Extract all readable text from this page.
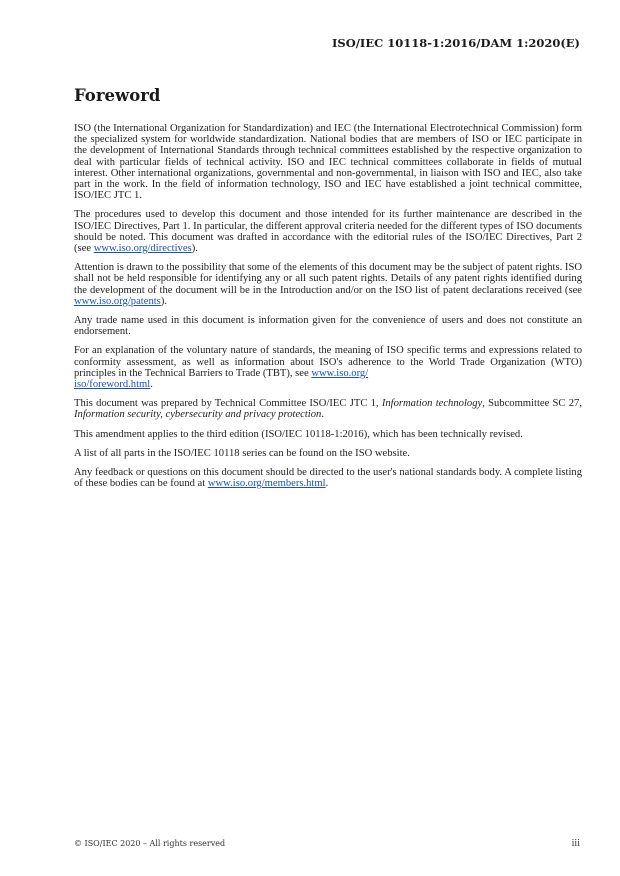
ISO/IEC 10118-1:2016/DAM 1:2020(E)
Foreword

ISO (the International Organization for Standardization) and IEC (the International Electrotechnical Commission) form the specialized system for worldwide standardization. National bodies that are members of ISO or IEC participate in the development of International Standards through technical committees established by the respective organization to deal with particular fields of technical activity. ISO and IEC technical committees collaborate in fields of mutual interest. Other international organizations, governmental and non-governmental, in liaison with ISO and IEC, also take part in the work. In the field of information technology, ISO and IEC have established a joint technical committee, ISO/IEC JTC 1.

The procedures used to develop this document and those intended for its further maintenance are described in the ISO/IEC Directives, Part 1. In particular, the different approval criteria needed for the different types of ISO documents should be noted. This document was drafted in accordance with the editorial rules of the ISO/IEC Directives, Part 2 (see www.iso.org/directives).

Attention is drawn to the possibility that some of the elements of this document may be the subject of patent rights. ISO shall not be held responsible for identifying any or all such patent rights. Details of any patent rights identified during the development of the document will be in the Introduction and/or on the ISO list of patent declarations received (see www.iso.org/patents).

Any trade name used in this document is information given for the convenience of users and does not constitute an endorsement.

For an explanation of the voluntary nature of standards, the meaning of ISO specific terms and expressions related to conformity assessment, as well as information about ISO's adherence to the World Trade Organization (WTO) principles in the Technical Barriers to Trade (TBT), see www.iso.org/
iso/foreword.html.

This document was prepared by Technical Committee ISO/IEC JTC 1, Information technology, Subcommittee SC 27, Information security, cybersecurity and privacy protection.

This amendment applies to the third edition (ISO/IEC 10118-1:2016), which has been technically revised.

A list of all parts in the ISO/IEC 10118 series can be found on the ISO website.

Any feedback or questions on this document should be directed to the user's national standards body. A complete listing of these bodies can be found at www.iso.org/members.html.

© ISO/IEC 2020 – All rights reserved	iii
